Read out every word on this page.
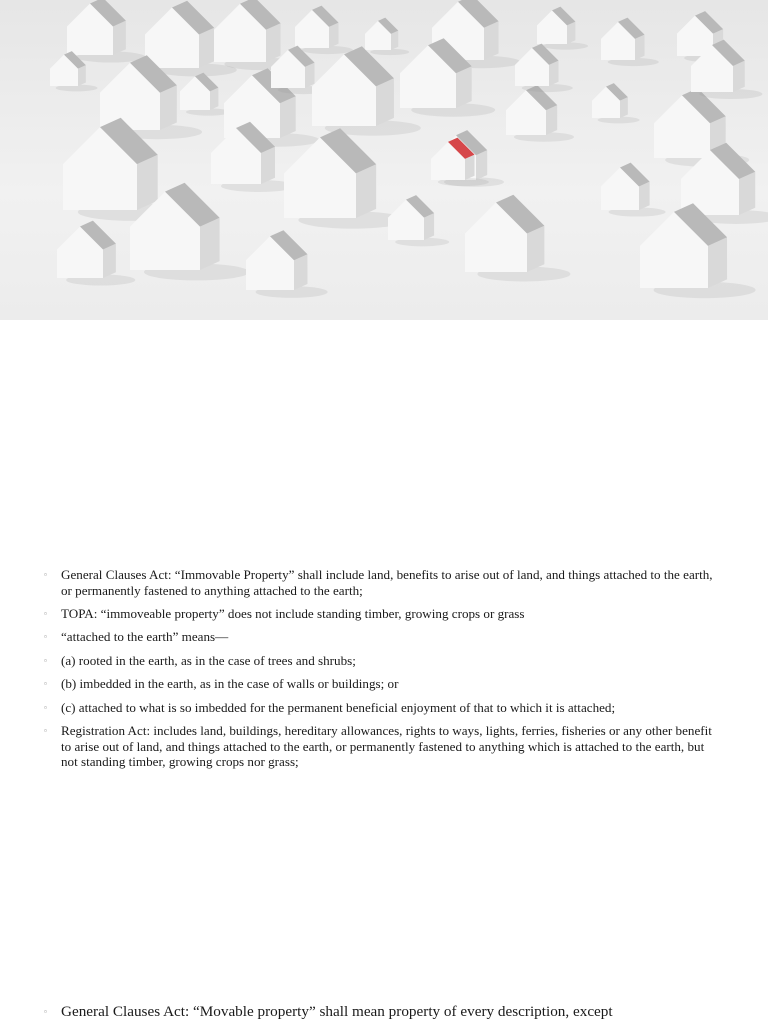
▫ General Clauses Act: “Immovable Property” shall include land, benefits to arise out of land, and things attached to the earth, or permanently fastened to anything attached to the earth;
▫ TOPA: “immoveable property” does not include standing timber, growing crops or grass
▫ “attached to the earth” means—
▫ (a) rooted in the earth, as in the case of trees and shrubs;
▫ (b) imbedded in the earth, as in the case of walls or buildings; or
▫ (c) attached to what is so imbedded for the permanent beneficial enjoyment of that to which it is attached;
▫ Registration Act: includes land, buildings, hereditary allowances, rights to ways, lights, ferries, fisheries or any other benefit to arise out of land, and things attached to the earth, or permanently fastened to anything which is attached to the earth, but not standing timber, growing crops nor grass;
▫ General Clauses Act: “Movable property” shall mean property of every description, except
